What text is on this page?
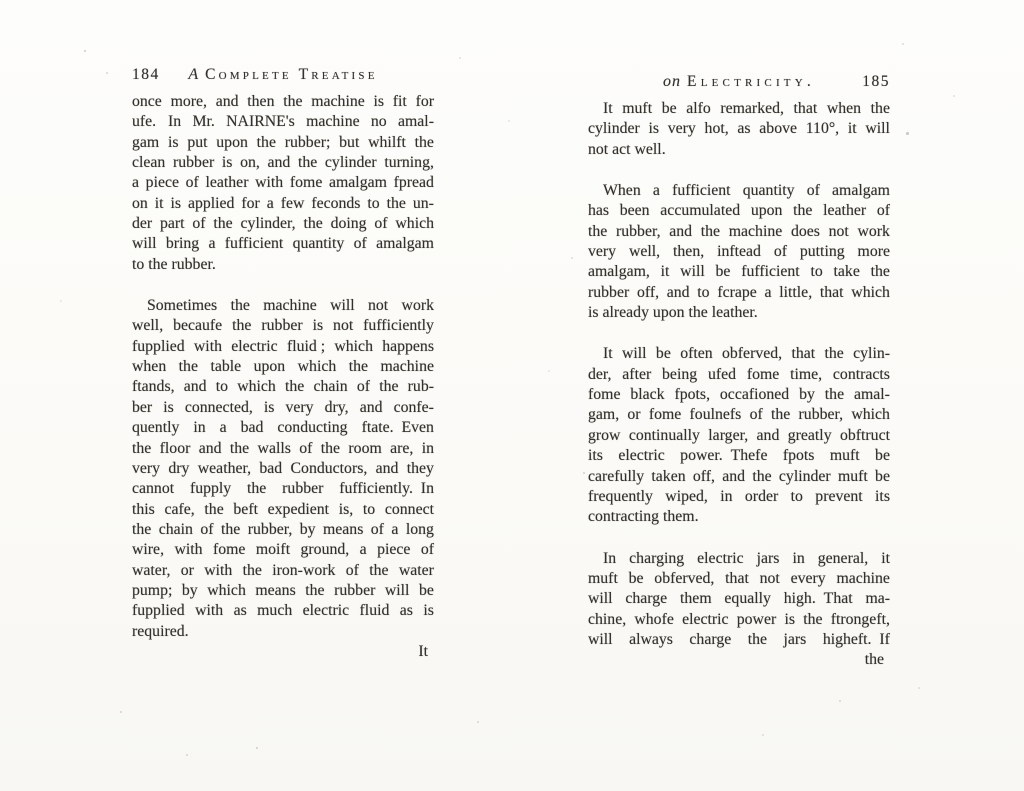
184	A Complete Treatise
once more, and then the machine is fit for
ufe.   In Mr. NAIRNE's machine no amal-
gam is put upon the rubber; but whilft the
clean rubber is on, and the cylinder turning,
a piece of leather with fome amalgam fpread
on it is applied for a few feconds to the un-
der part of the cylinder, the doing of which
will bring a fufficient quantity of amalgam
to the rubber.
Sometimes the machine will not work
well, becaufe the rubber is not fufficiently
fupplied with electric fluid ; which happens
when the table upon which the machine
ftands, and to which the chain of the rub-
ber is connected, is very dry, and confe-
quently in a bad conducting ftate.  Even
the floor and the walls of the room are, in
very dry weather, bad Conductors, and they
cannot fupply the rubber fufficiently.  In
this cafe, the beft expedient is, to connect
the chain of the rubber, by means of a long
wire, with fome moift ground, a piece of
water, or with the iron-work of the water
pump; by which means the rubber will be
fupplied with as much electric fluid as is
required.
It
on Electricity.	185
It muft be alfo remarked, that when the
cylinder is very hot, as above 110°, it will
not act well.
When a fufficient quantity of amalgam
has been accumulated upon the leather of
the rubber, and the machine does not work
very well, then, inftead of putting more
amalgam, it will be fufficient to take the
rubber off, and to fcrape a little, that which
is already upon the leather.
It will be often obferved, that the cylin-
der, after being ufed fome time, contracts
fome black fpots, occafioned by the amal-
gam, or fome foulnefs of the rubber, which
grow continually larger, and greatly obftruct
its electric power.  Thefe fpots muft be
carefully taken off, and the cylinder muft be
frequently wiped, in order to prevent its
contracting them.
In charging electric jars in general, it
muft be obferved, that not every machine
will charge them equally high.  That ma-
chine, whofe electric power is the ftrongeft,
will always charge the jars higheft.  If
the
